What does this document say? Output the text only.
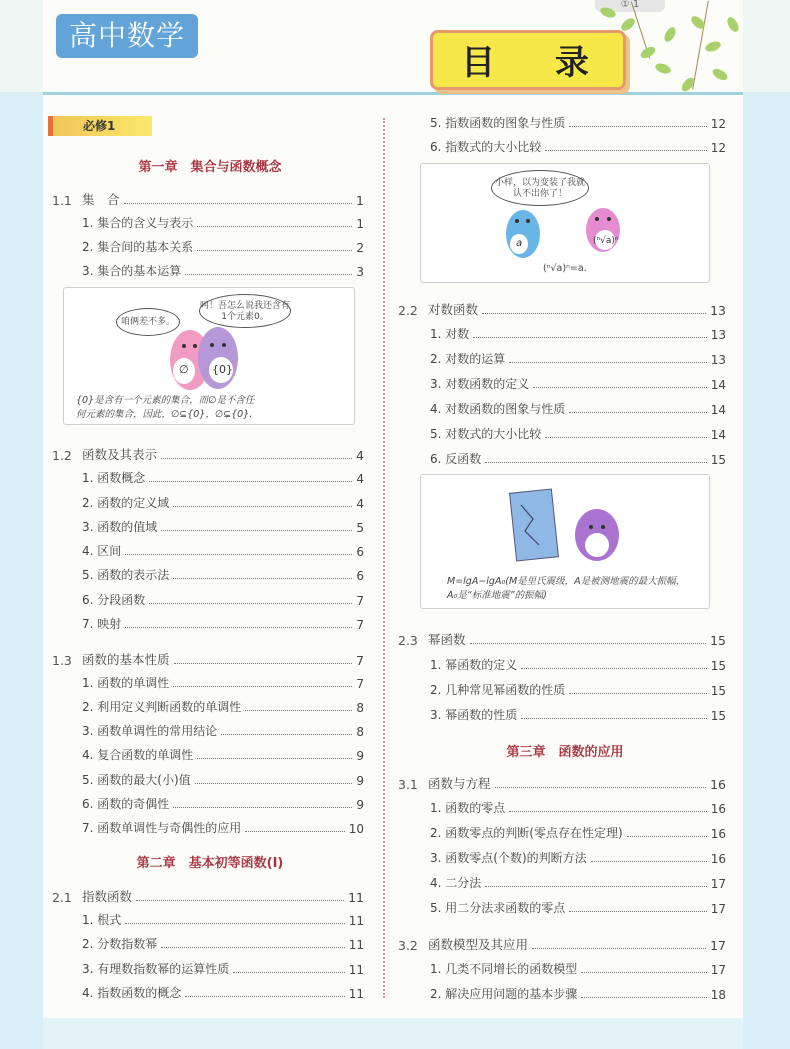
① 1
高中数学
目 录
必修1
第一章　集合与函数概念
1.1 集　合	1
1. 集合的含义与表示	1
2. 集合间的基本关系	2
3. 集合的基本运算	3
咱俩差不多。
呵！吾怎么说我还含有1个元素0。
∅ {0}
{0}是含有一个元素的集合，而∅是不含任
何元素的集合，因此，∅⊆{0}，∅⊊{0}.
1.2 函数及其表示	4
1. 函数概念	4
2. 函数的定义域	4
3. 函数的值域	5
4. 区间	6
5. 函数的表示法	6
6. 分段函数	7
7. 映射	7
1.3 函数的基本性质	7
1. 函数的单调性	7
2. 利用定义判断函数的单调性	8
3. 函数单调性的常用结论	8
4. 复合函数的单调性	9
5. 函数的最大(小)值	9
6. 函数的奇偶性	9
7. 函数单调性与奇偶性的应用	10
第二章　基本初等函数(Ⅰ)
2.1 指数函数	11
1. 根式	11
2. 分数指数幂	11
3. 有理数指数幂的运算性质	11
4. 指数函数的概念	11
5. 指数函数的图象与性质	12
6. 指数式的大小比较	12
小样，以为变装了我就认不出你了！
a	(ⁿ√a)ⁿ
(ⁿ√a)ⁿ=a.
2.2 对数函数	13
1. 对数	13
2. 对数的运算	13
3. 对数函数的定义	14
4. 对数函数的图象与性质	14
5. 对数式的大小比较	14
6. 反函数	15
M=lgA−lgA₀(M是里氏震级，A是被测地震的最大振幅，
A₀是“标准地震”的振幅)
2.3 幂函数	15
1. 幂函数的定义	15
2. 几种常见幂函数的性质	15
3. 幂函数的性质	15
第三章　函数的应用
3.1 函数与方程	16
1. 函数的零点	16
2. 函数零点的判断(零点存在性定理)	16
3. 函数零点(个数)的判断方法	16
4. 二分法	17
5. 用二分法求函数的零点	17
3.2 函数模型及其应用	17
1. 几类不同增长的函数模型	17
2. 解决应用问题的基本步骤	18
